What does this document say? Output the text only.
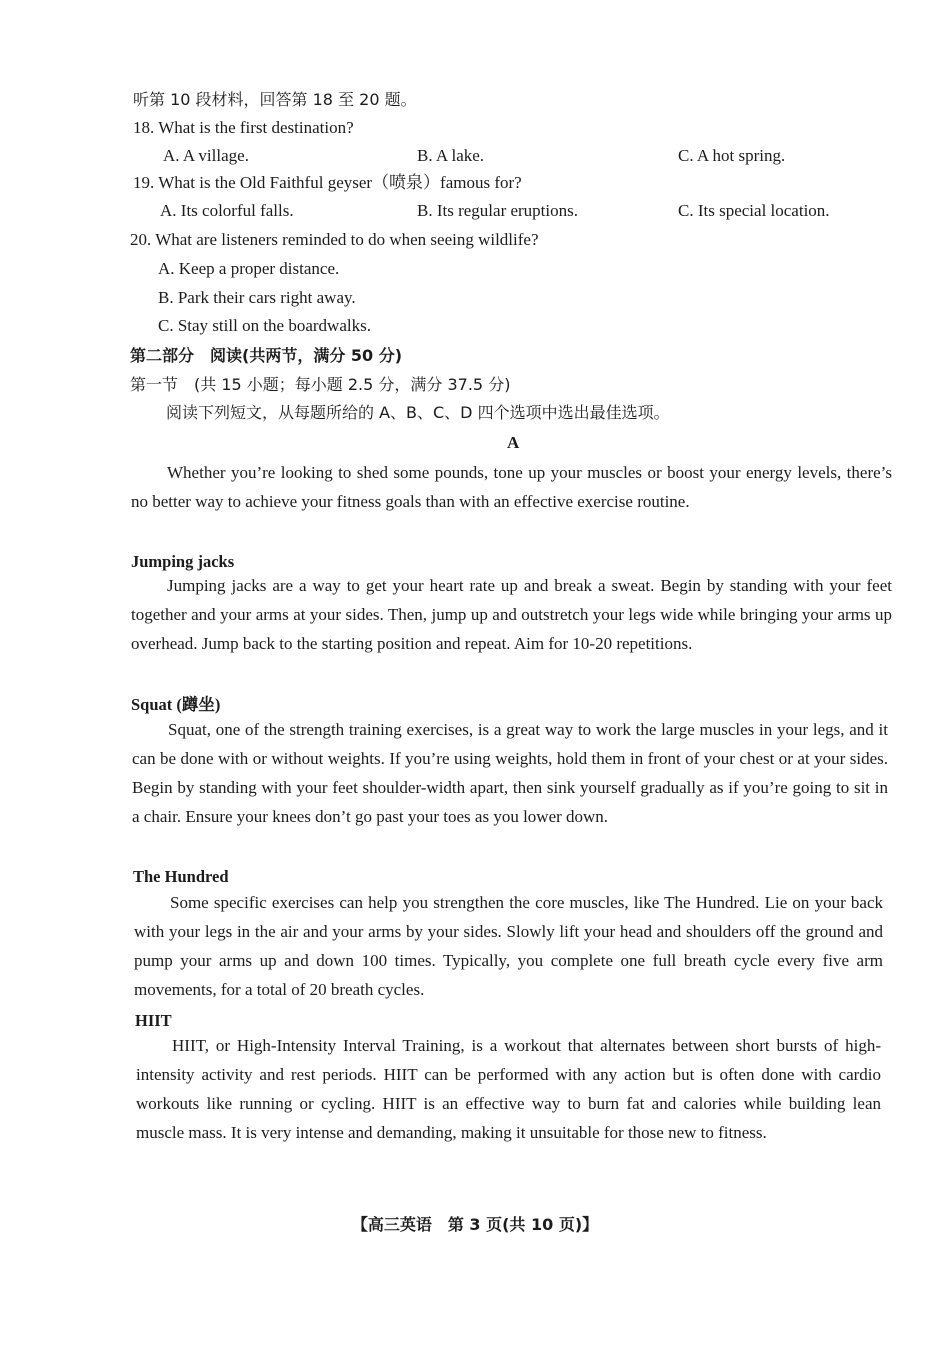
听第 10 段材料，回答第 18 至 20 题。
18. What is the first destination?
A. A village.	B. A lake.	C. A hot spring.
19. What is the Old Faithful geyser（喷泉）famous for?
A. Its colorful falls.	B. Its regular eruptions.	C. Its special location.
20. What are listeners reminded to do when seeing wildlife?
A. Keep a proper distance.
B. Park their cars right away.
C. Stay still on the boardwalks.
第二部分　阅读(共两节，满分 50 分)
第一节　(共 15 小题；每小题 2.5 分，满分 37.5 分)
阅读下列短文，从每题所给的 A、B、C、D 四个选项中选出最佳选项。
A

Whether you’re looking to shed some pounds, tone up your muscles or boost your energy levels, there’s no better way to achieve your fitness goals than with an effective exercise routine.

Jumping jacks

Jumping jacks are a way to get your heart rate up and break a sweat. Begin by standing with your feet together and your arms at your sides. Then, jump up and outstretch your legs wide while bringing your arms up overhead. Jump back to the starting position and repeat. Aim for 10-20 repetitions.

Squat (蹲坐)

Squat, one of the strength training exercises, is a great way to work the large muscles in your legs, and it can be done with or without weights. If you’re using weights, hold them in front of your chest or at your sides. Begin by standing with your feet shoulder-width apart, then sink yourself gradually as if you’re going to sit in a chair. Ensure your knees don’t go past your toes as you lower down.

The Hundred

Some specific exercises can help you strengthen the core muscles, like The Hundred. Lie on your back with your legs in the air and your arms by your sides. Slowly lift your head and shoulders off the ground and pump your arms up and down 100 times. Typically, you complete one full breath cycle every five arm movements, for a total of 20 breath cycles.

HIIT

HIIT, or High-Intensity Interval Training, is a workout that alternates between short bursts of high-intensity activity and rest periods. HIIT can be performed with any action but is often done with cardio workouts like running or cycling. HIIT is an effective way to burn fat and calories while building lean muscle mass. It is very intense and demanding, making it unsuitable for those new to fitness.

【高三英语　第 3 页(共 10 页)】
